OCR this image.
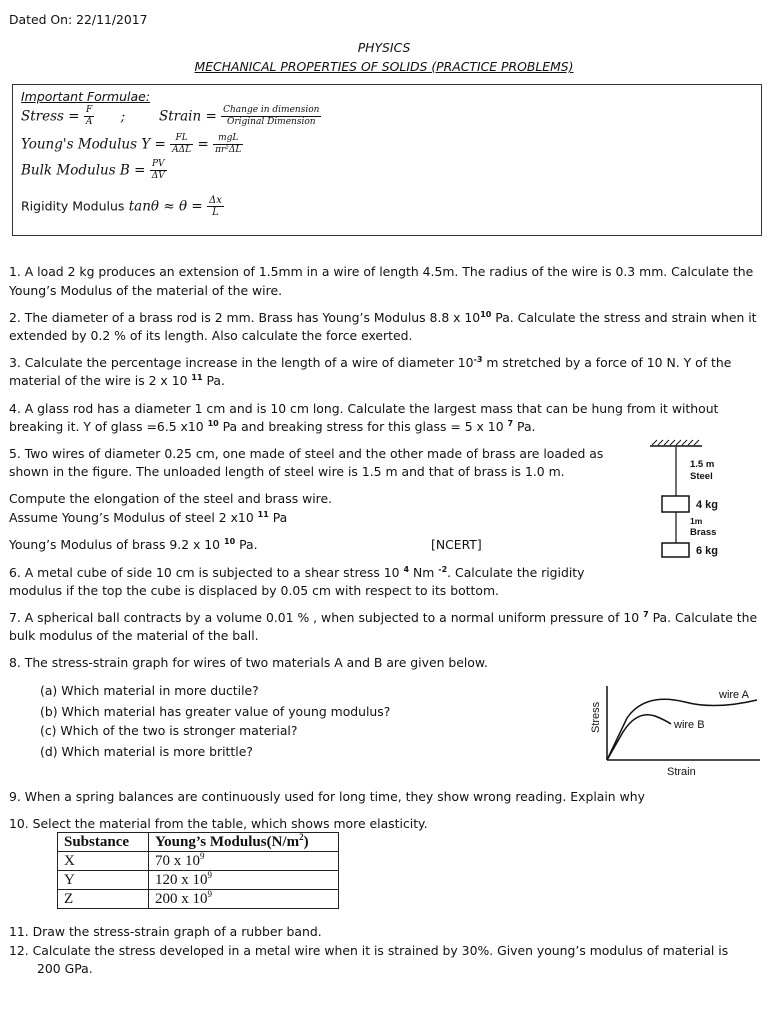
Dated On: 22/11/2017
PHYSICS
MECHANICAL PROPERTIES OF SOLIDS (PRACTICE PROBLEMS)
Important Formulae:
Stress = $\frac{F}{A}$ ;	Strain = $\frac{\text{Change in dimension}}{\text{Original Dimension}}$
Young's Modulus $Y = \frac{FL}{\text{AΔL}} = \frac{\text{mgL}}{\text{πr²ΔL}}$
Bulk Modulus $B = \frac{PV}{\Delta V}$
Rigidity Modulus $\tan\theta \approx \theta = \frac{\Delta x}{L}$
1. A load 2 kg produces an extension of 1.5mm in a wire of length 4.5m. The radius of the wire is 0.3 mm. Calculate the
Young’s Modulus of the material of the wire.
2. The diameter of a brass rod is 2 mm. Brass has Young’s Modulus 8.8 x $10^{10}$ Pa. Calculate the stress and strain when it
extended by 0.2 % of its length. Also calculate the force exerted.
3. Calculate the percentage increase in the length of a wire of diameter $10^{-3}$ m stretched by a force of 10 N. Y of the
material of the wire is 2 x 10 $^{11}$ Pa.
4. A glass rod has a diameter 1 cm and is 10 cm long. Calculate the largest mass that can be hung from it without
breaking it. Y of glass =6.5 x10 $^{10}$ Pa and breaking stress for this glass = 5 x 10 $^7$ Pa.
5. Two wires of diameter 0.25 cm, one made of steel and the other made of brass are loaded as
shown in the figure. The unloaded length of steel wire is 1.5 m and that of brass is 1.0 m.
Compute the elongation of the steel and brass wire.
Assume Young’s Modulus of steel 2 x10 $^{11}$ Pa
Young’s Modulus of brass 9.2 x 10 $^{10}$ Pa.	[NCERT]
6. A metal cube of side 10 cm is subjected to a shear stress 10 $^4$ Nm $^{-2}$. Calculate the rigidity
modulus if the top the cube is displaced by 0.05 cm with respect to its bottom.
7. A spherical ball contracts by a volume 0.01 % , when subjected to a normal uniform pressure of 10 $^7$ Pa. Calculate the
bulk modulus of the material of the ball.
8. The stress-strain graph for wires of two materials A and B are given below.
(a) Which material in more ductile?
(b) Which material has greater value of young modulus?
(c) Which of the two is stronger material?
(d) Which material is more brittle?
9. When a spring balances are continuously used for long time, they show wrong reading. Explain why
10. Select the material from the table, which shows more elasticity.
Substance	Young’s $Modulus(N/m^2)$
X	70 x $10^9$
Y	120 x $10^9$
Z	200 x $10^9$
11. Draw the stress-strain graph of a rubber band.
12. Calculate the stress developed in a metal wire when it is strained by 30%. Given young’s modulus of material is
200 GPa.
1.5 m
Steel
4 kg
1m
Brass
6 kg
wire A
wire B
Strain
Stress
